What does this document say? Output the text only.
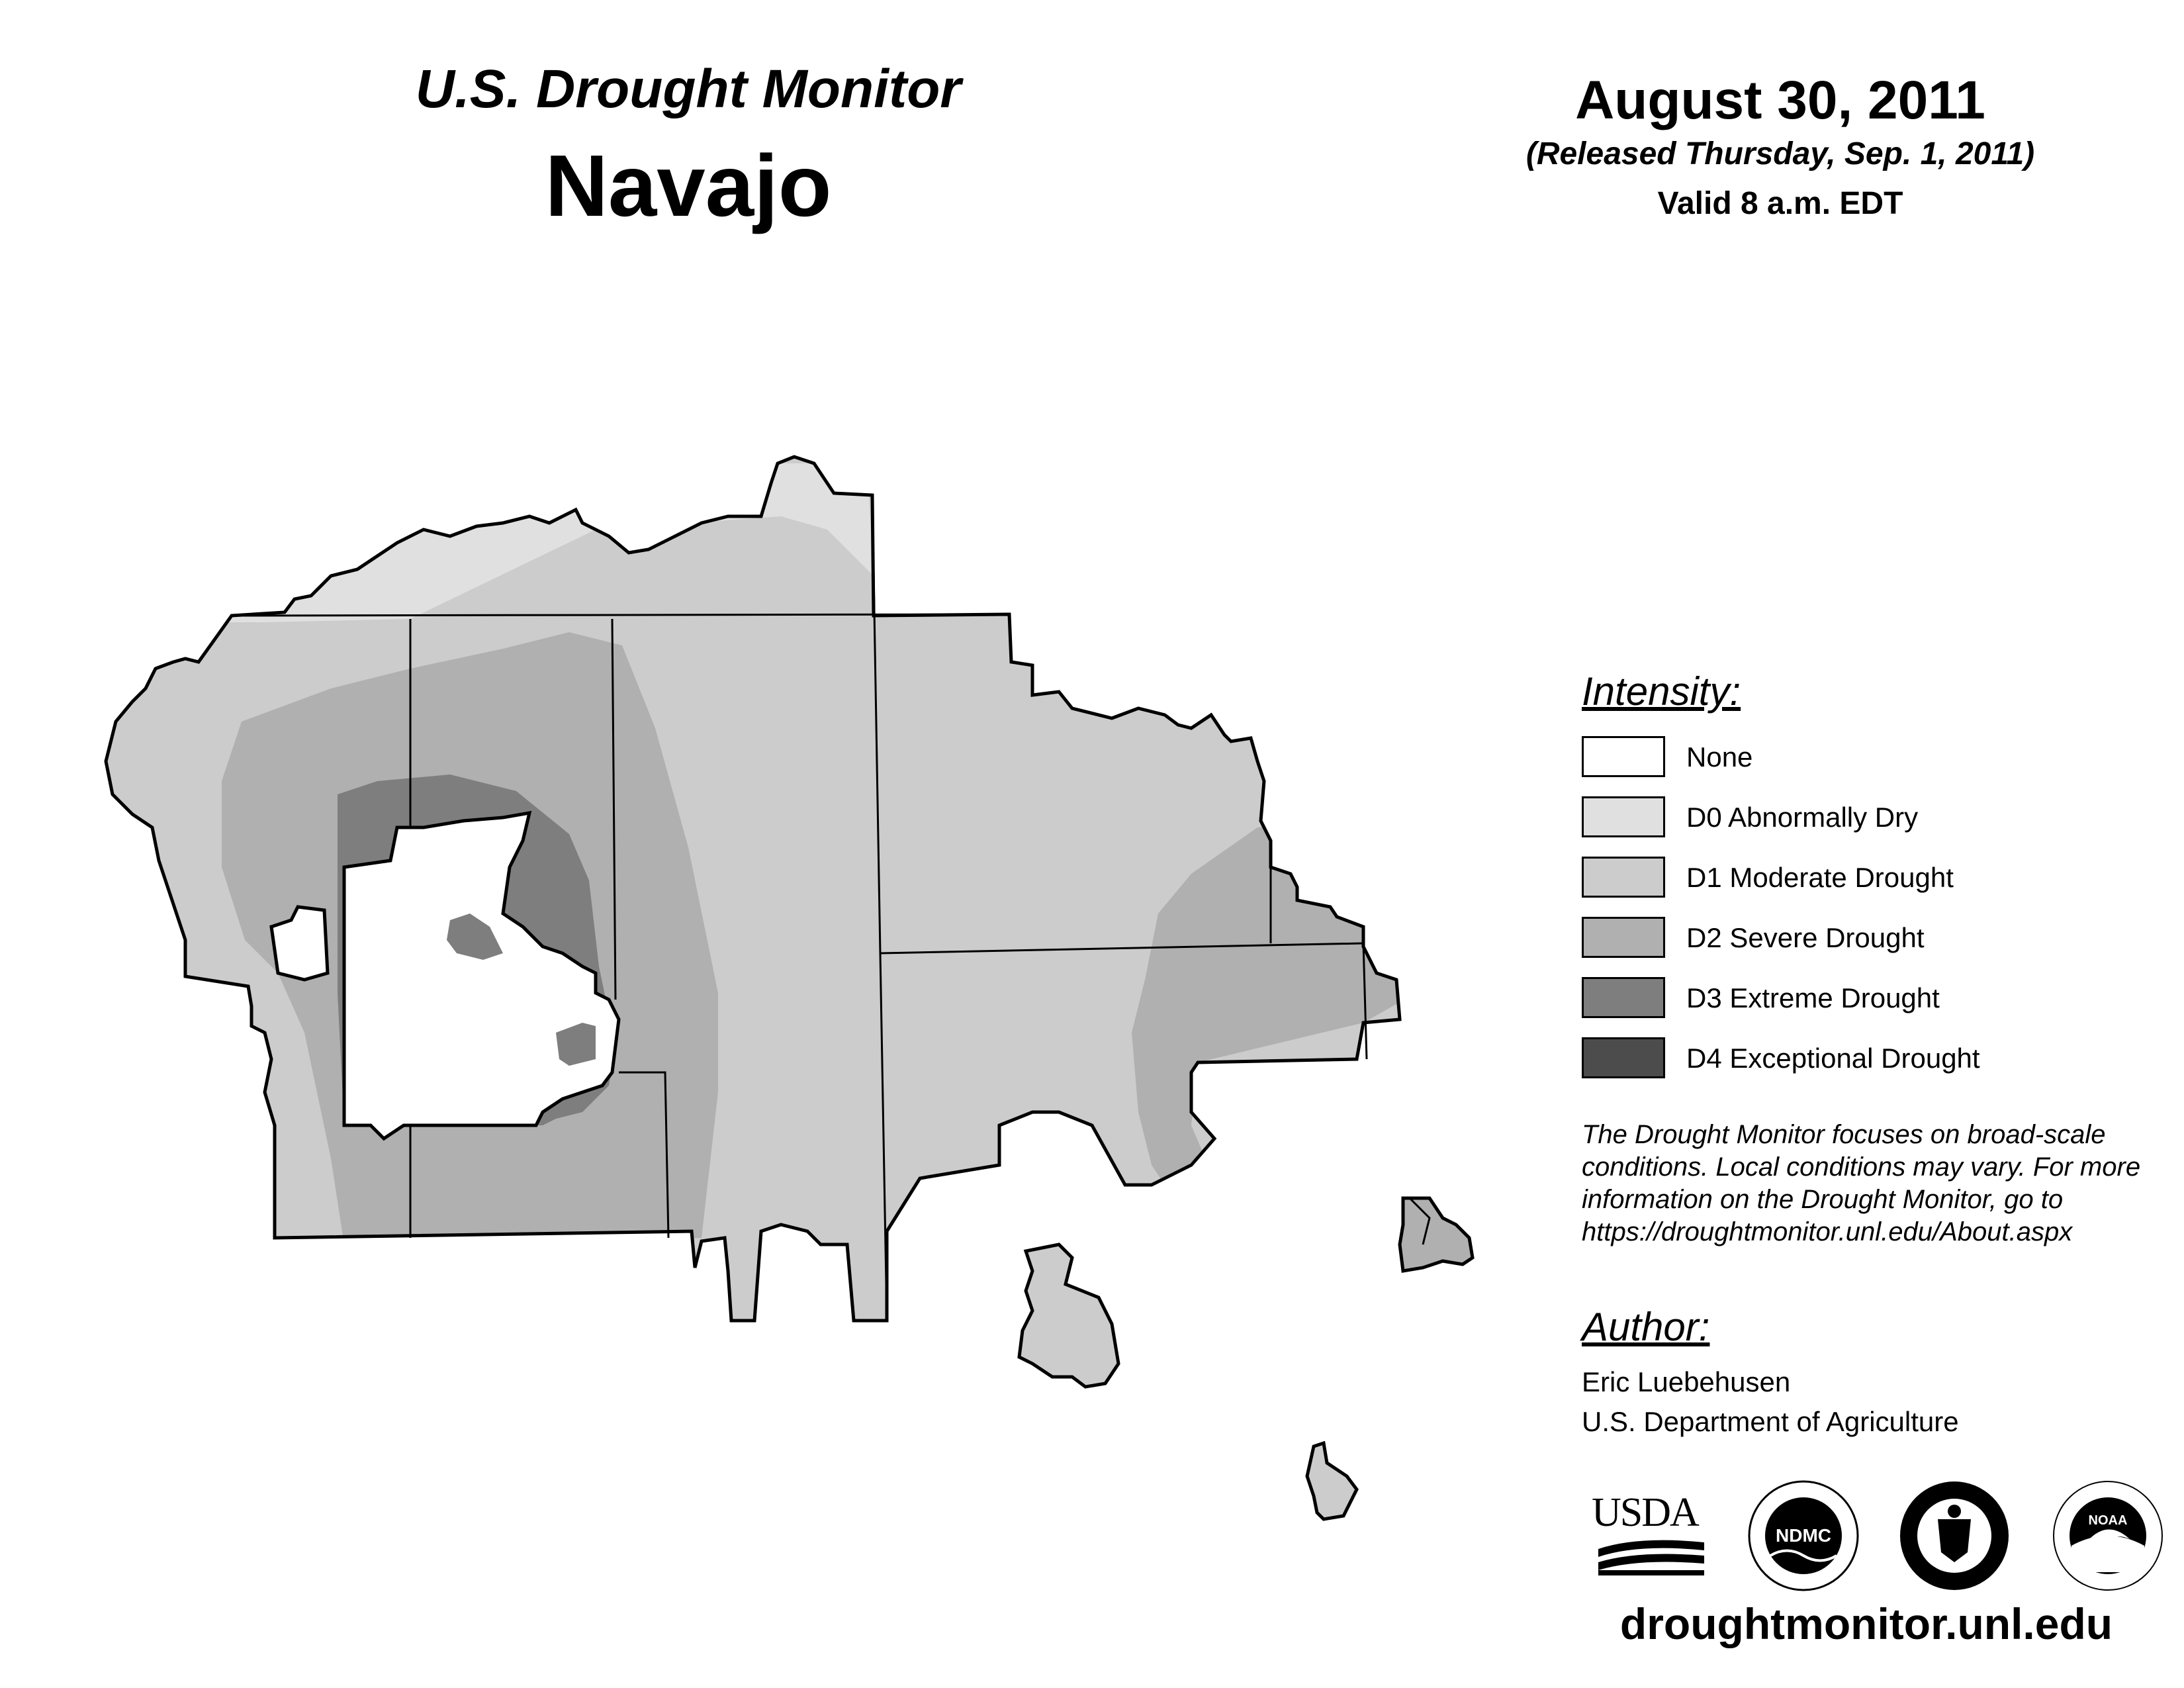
U.S. Drought Monitor
Navajo
August 30, 2011
(Released Thursday, Sep. 1, 2011)
Valid 8 a.m. EDT
Intensity:
None
D0 Abnormally Dry
D1 Moderate Drought
D2 Severe Drought
D3 Extreme Drought
D4 Exceptional Drought
The Drought Monitor focuses on broad-scale conditions. Local conditions may vary. For more information on the Drought Monitor, go to https://droughtmonitor.unl.edu/About.aspx
Author:
Eric Luebehusen
U.S. Department of Agriculture
USDA
NDMC
NOAA
droughtmonitor.unl.edu
